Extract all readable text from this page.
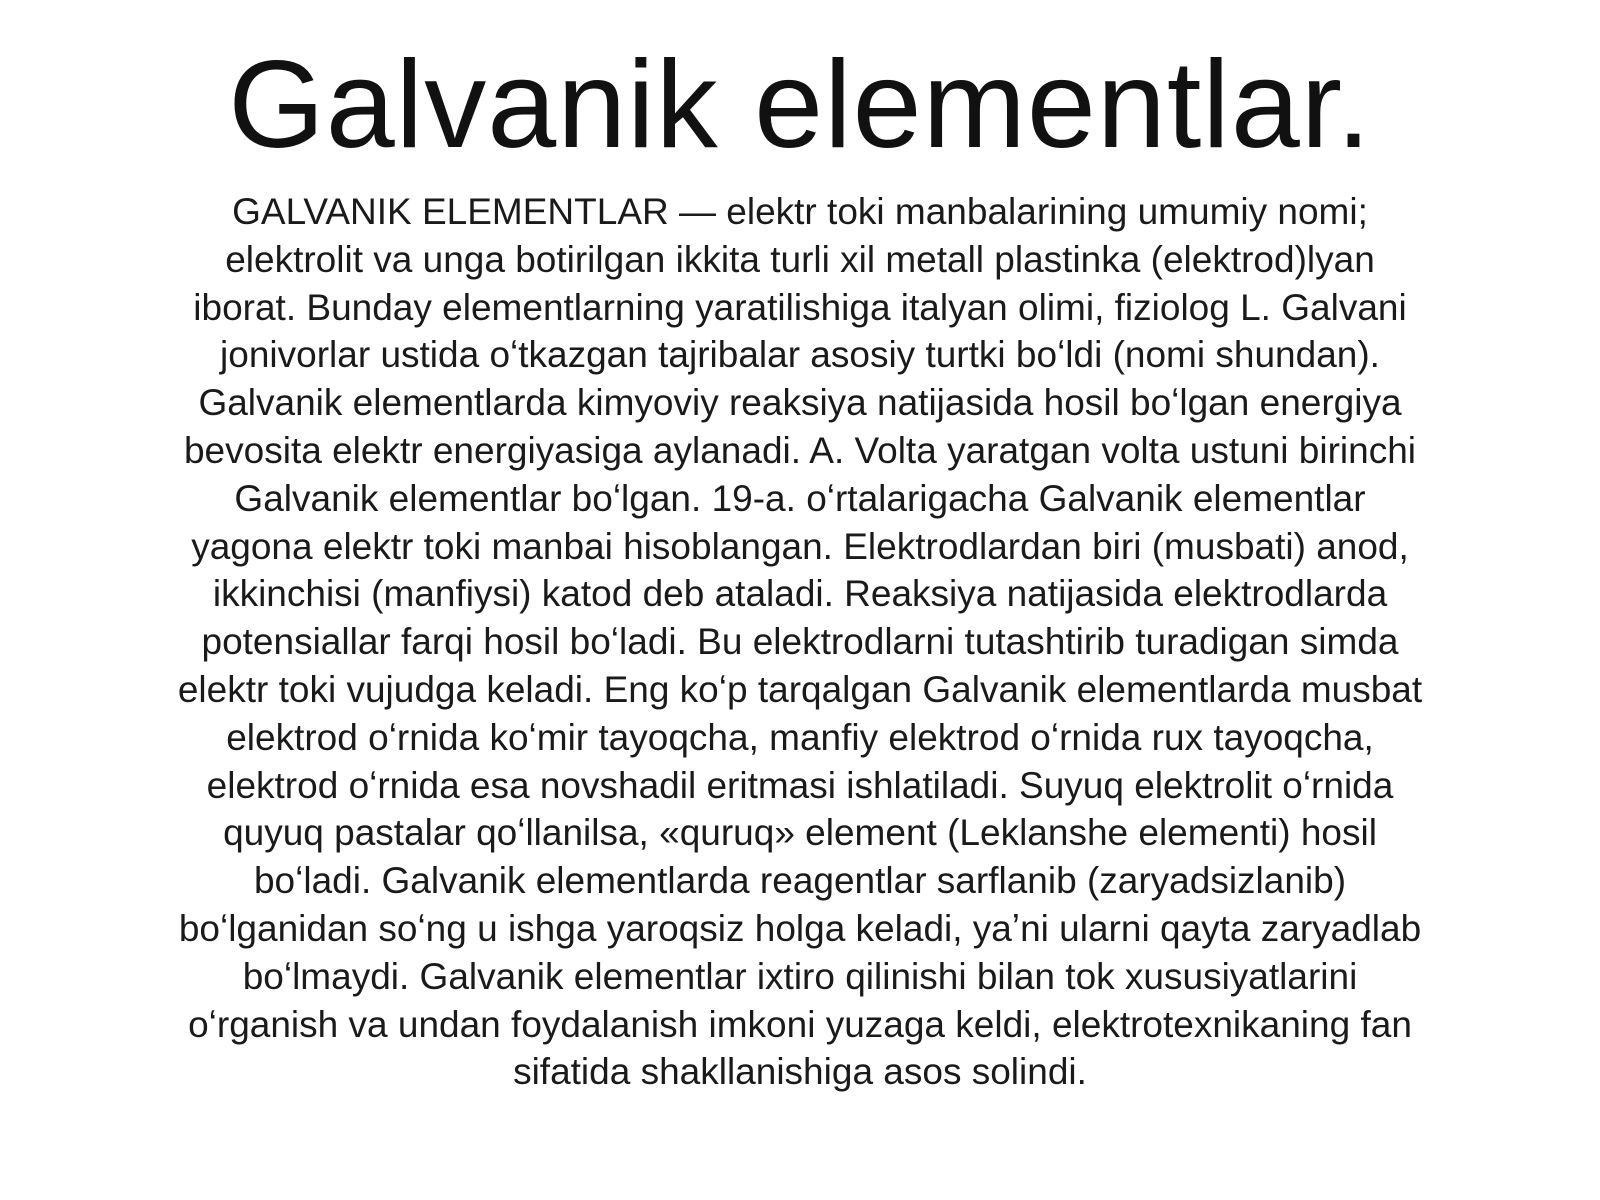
Galvanik elementlar.
GALVANIK ELEMENTLAR — elektr toki manbalarining umumiy nomi;
elektrolit va unga botirilgan ikkita turli xil metall plastinka (elektrod)lyan
iborat. Bunday elementlarning yaratilishiga italyan olimi, fiziolog L. Galvani
jonivorlar ustida oʻtkazgan tajribalar asosiy turtki boʻldi (nomi shundan).
Galvanik elementlarda kimyoviy reaksiya natijasida hosil boʻlgan energiya
bevosita elektr energiyasiga aylanadi. A. Volta yaratgan volta ustuni birinchi
Galvanik elementlar boʻlgan. 19-a. oʻrtalarigacha Galvanik elementlar
yagona elektr toki manbai hisoblangan. Elektrodlardan biri (musbati) anod,
ikkinchisi (manfiysi) katod deb ataladi. Reaksiya natijasida elektrodlarda
potensiallar farqi hosil boʻladi. Bu elektrodlarni tutashtirib turadigan simda
elektr toki vujudga keladi. Eng koʻp tarqalgan Galvanik elementlarda musbat
elektrod oʻrnida koʻmir tayoqcha, manfiy elektrod oʻrnida rux tayoqcha,
elektrod oʻrnida esa novshadil eritmasi ishlatiladi. Suyuq elektrolit oʻrnida
quyuq pastalar qoʻllanilsa, «quruq» element (Leklanshe elementi) hosil
boʻladi. Galvanik elementlarda reagentlar sarflanib (zaryadsizlanib)
boʻlganidan soʻng u ishga yaroqsiz holga keladi, yaʼni ularni qayta zaryadlab
boʻlmaydi. Galvanik elementlar ixtiro qilinishi bilan tok xususiyatlarini
oʻrganish va undan foydalanish imkoni yuzaga keldi, elektrotexnikaning fan
sifatida shakllanishiga asos solindi.
